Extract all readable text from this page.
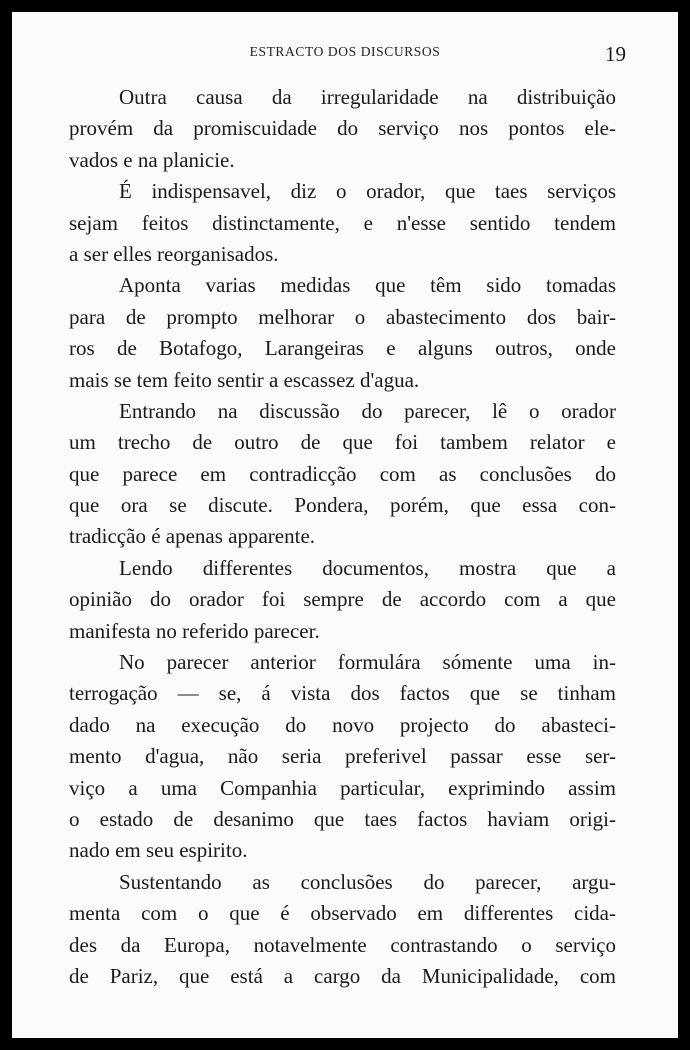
ESTRACTO DOS DISCURSOS	19
Outra causa da irregularidade na distribuição
provém da promiscuidade do serviço nos pontos ele-
vados e na planicie.
É indispensavel, diz o orador, que taes serviços
sejam feitos distinctamente, e n'esse sentido tendem
a ser elles reorganisados.
Aponta varias medidas que têm sido tomadas
para de prompto melhorar o abastecimento dos bair-
ros de Botafogo, Larangeiras e alguns outros, onde
mais se tem feito sentir a escassez d'agua.
Entrando na discussão do parecer, lê o orador
um trecho de outro de que foi tambem relator e
que parece em contradicção com as conclusões do
que ora se discute. Pondera, porém, que essa con-
tradicção é apenas apparente.
Lendo differentes documentos, mostra que a
opinião do orador foi sempre de accordo com a que
manifesta no referido parecer.
No parecer anterior formulára sómente uma in-
terrogação — se, á vista dos factos que se tinham
dado na execução do novo projecto do abasteci-
mento d'agua, não seria preferivel passar esse ser-
viço a uma Companhia particular, exprimindo assim
o estado de desanimo que taes factos haviam origi-
nado em seu espirito.
Sustentando as conclusões do parecer, argu-
menta com o que é observado em differentes cida-
des da Europa, notavelmente contrastando o serviço
de Pariz, que está a cargo da Municipalidade, com
